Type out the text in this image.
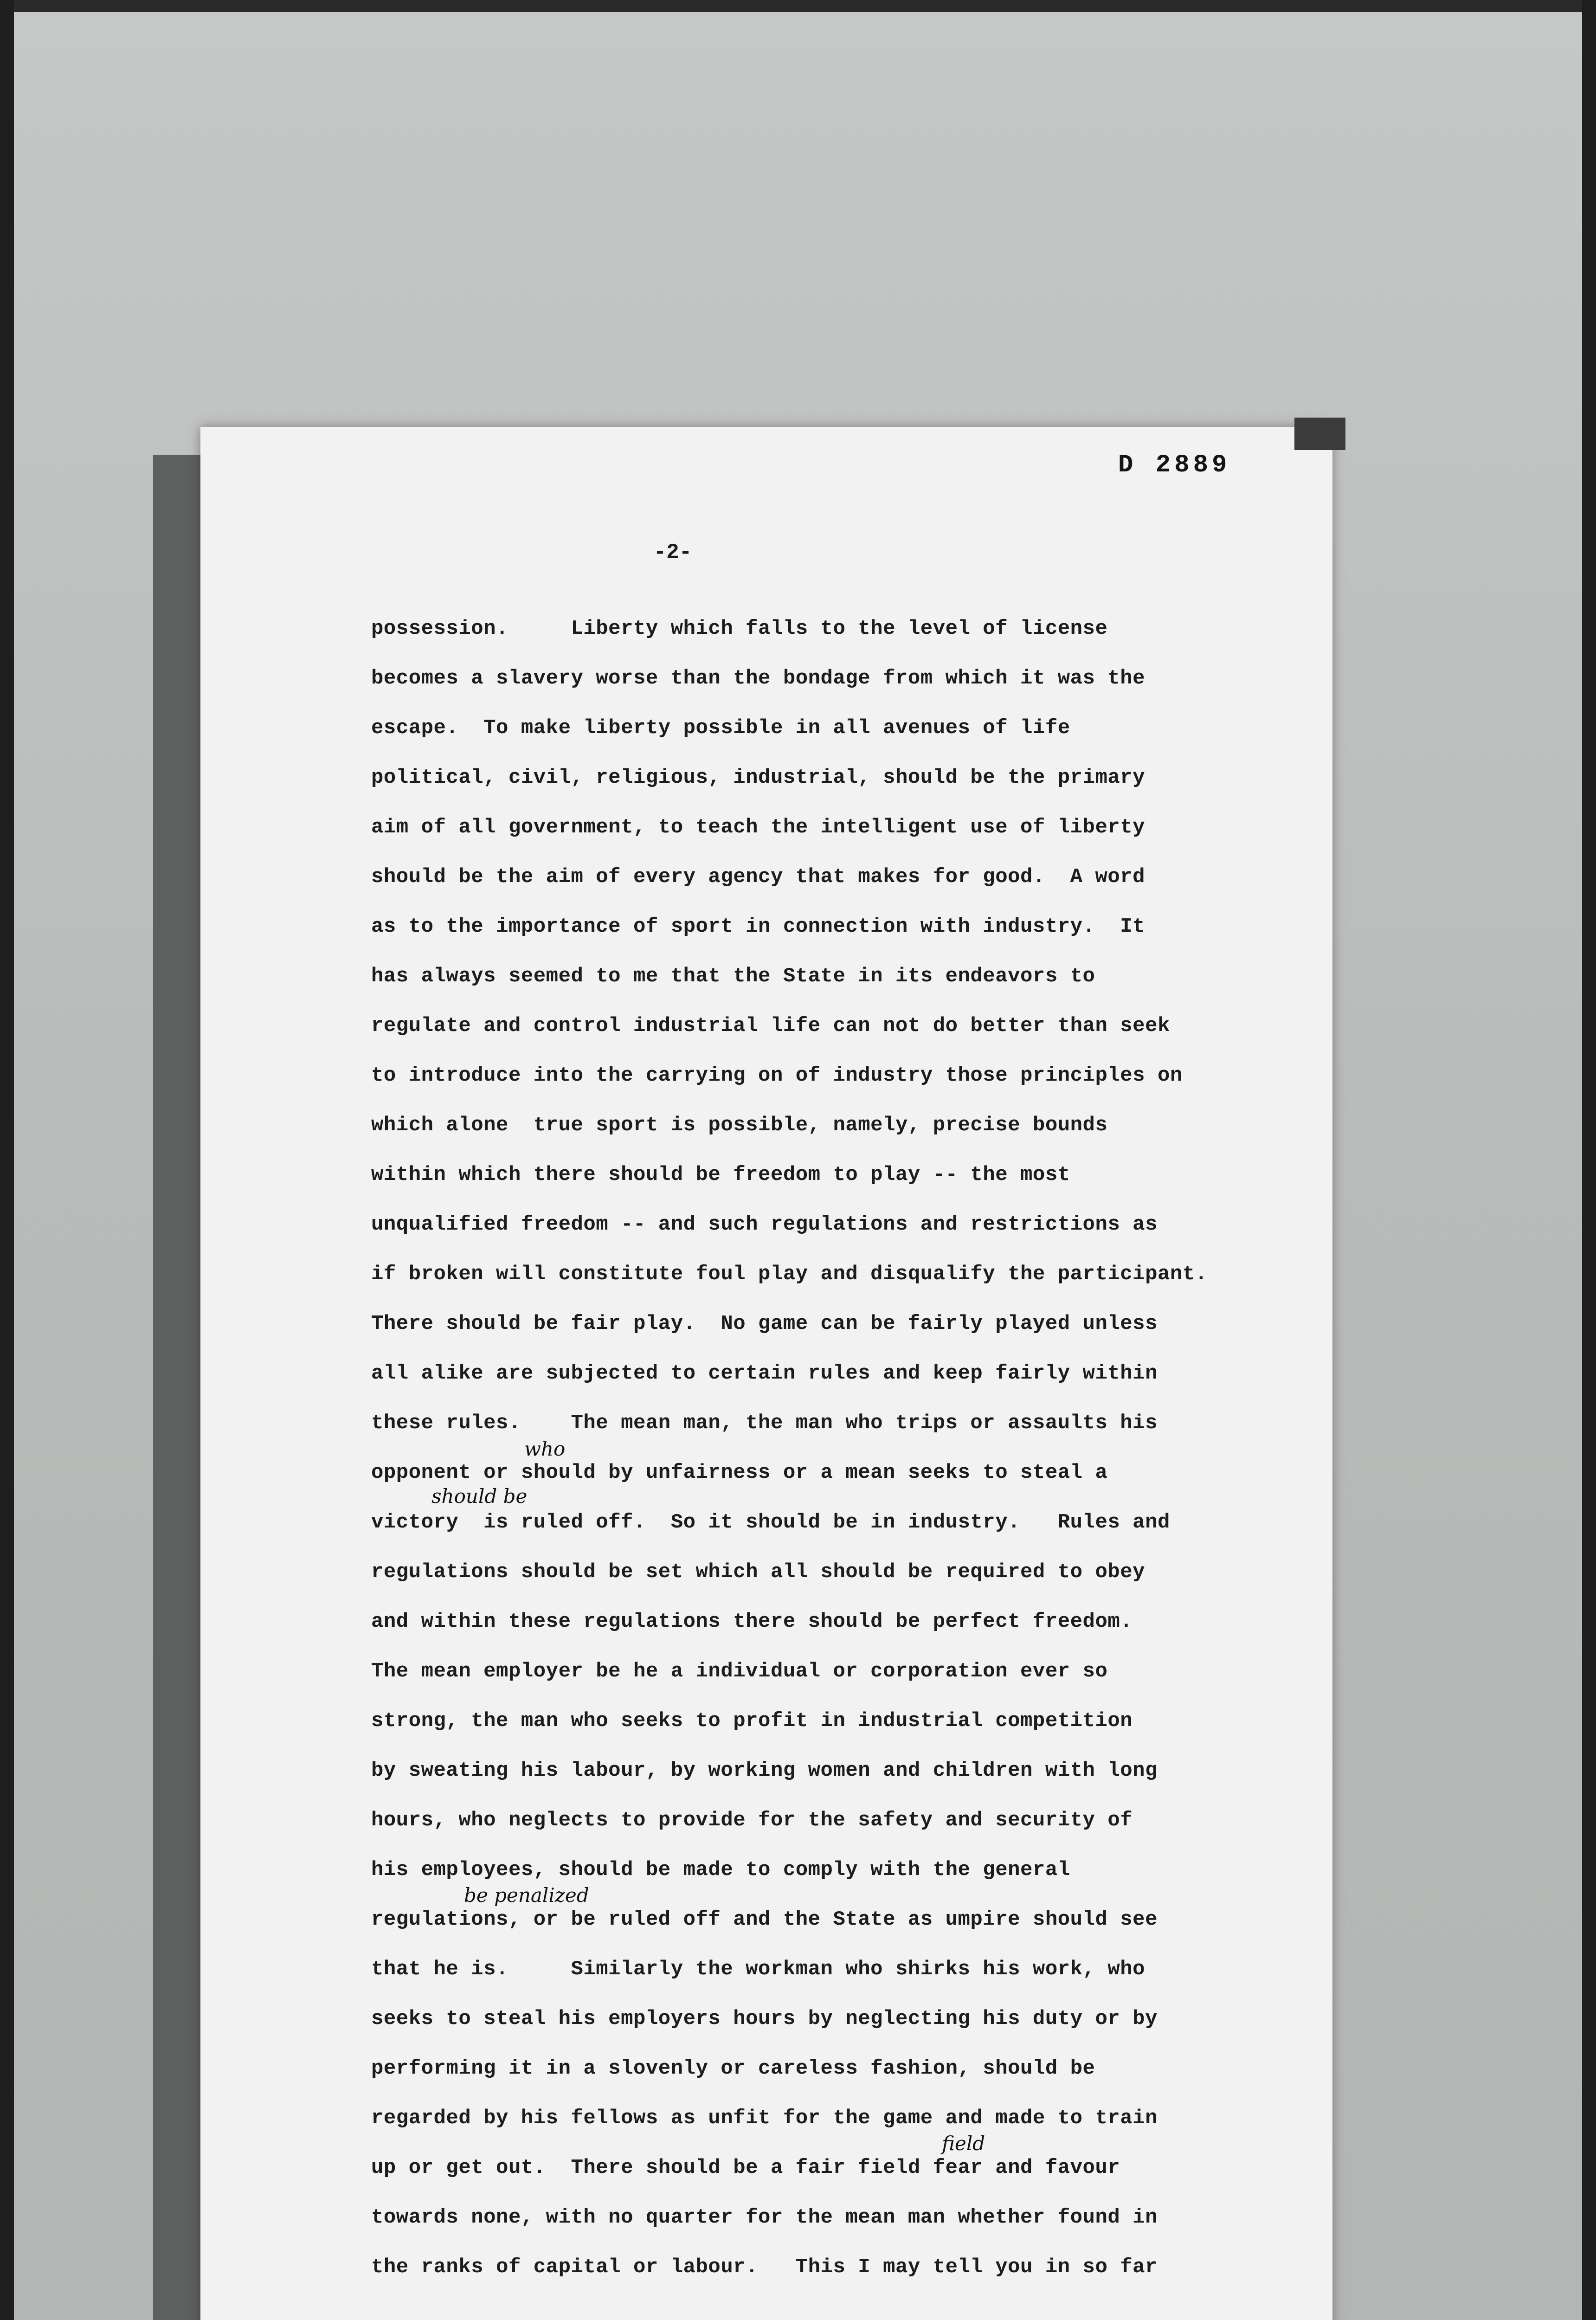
D 2889
-2-
possession.     Liberty which falls to the level of license
becomes a slavery worse than the bondage from which it was the
escape.  To make liberty possible in all avenues of life
political, civil, religious, industrial, should be the primary
aim of all government, to teach the intelligent use of liberty
should be the aim of every agency that makes for good.  A word
as to the importance of sport in connection with industry.  It
has always seemed to me that the State in its endeavors to
regulate and control industrial life can not do better than seek
to introduce into the carrying on of industry those principles on
which alone  true sport is possible, namely, precise bounds
within which there should be freedom to play -- the most
unqualified freedom -- and such regulations and restrictions as
if broken will constitute foul play and disqualify the participant.
There should be fair play.  No game can be fairly played unless
all alike are subjected to certain rules and keep fairly within
these rules.    The mean man, the man who trips or assaults his
opponent or should by unfairness or a mean seeks to steal a
victory  is ruled off.  So it should be in industry.   Rules and
regulations should be set which all should be required to obey
and within these regulations there should be perfect freedom.
The mean employer be he a individual or corporation ever so
strong, the man who seeks to profit in industrial competition
by sweating his labour, by working women and children with long
hours, who neglects to provide for the safety and security of
his employees, should be made to comply with the general
regulations, or be ruled off and the State as umpire should see
that he is.     Similarly the workman who shirks his work, who
seeks to steal his employers hours by neglecting his duty or by
performing it in a slovenly or careless fashion, should be
regarded by his fellows as unfit for the game and made to train
up or get out.  There should be a fair field fear and favour
towards none, with no quarter for the mean man whether found in
the ranks of capital or labour.   This I may tell you in so far
who
should be
be penalized
field
